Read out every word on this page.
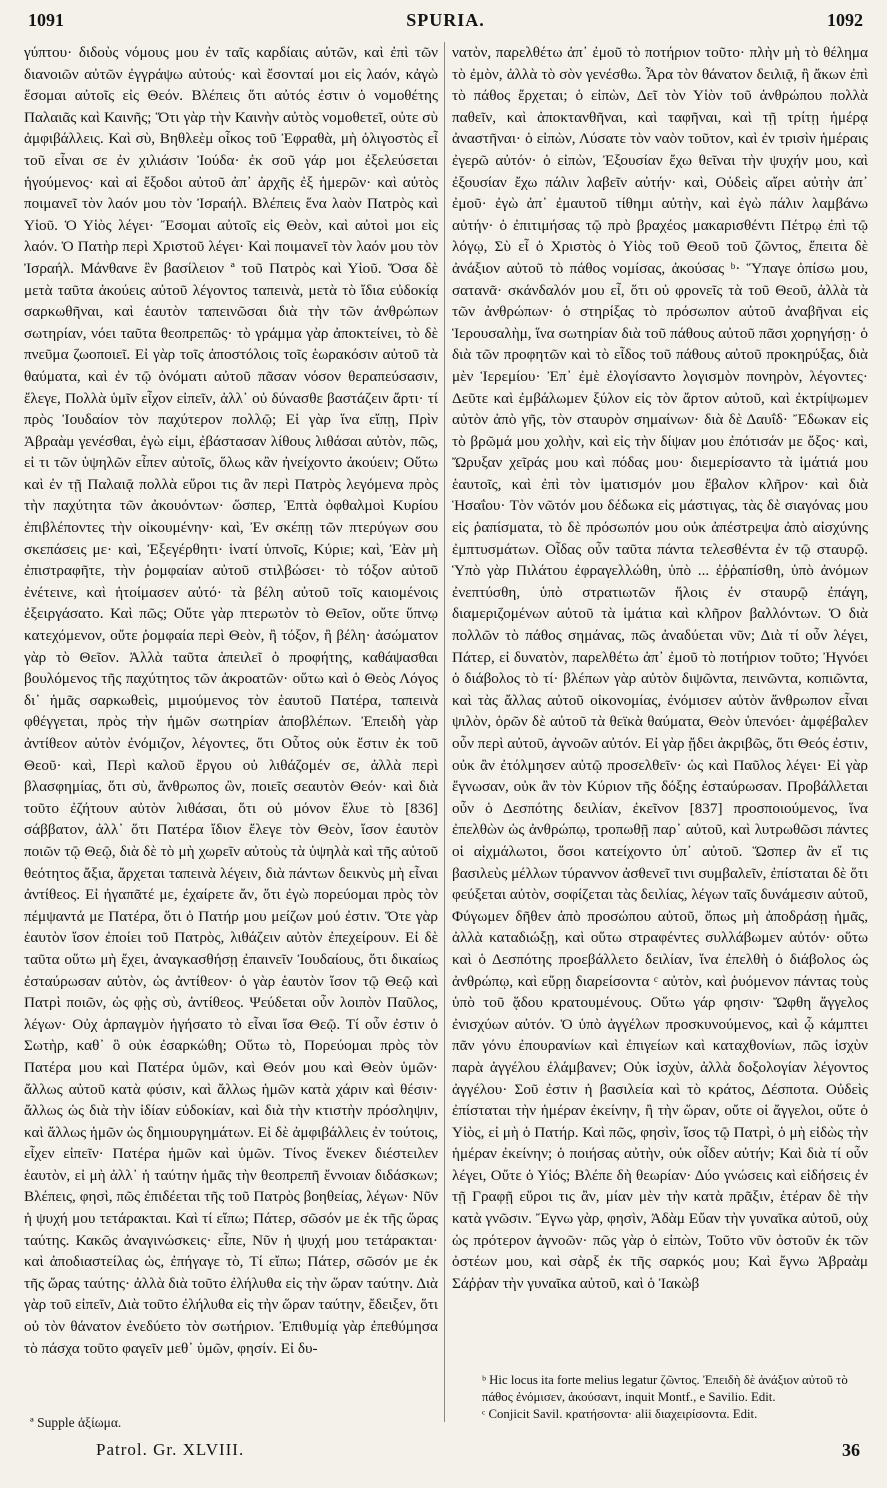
1091	SPURIA.	1092

γύπτου· διδοὺς νόμους μου ἐν ταῖς καρδίαις αὐτῶν, καὶ ἐπὶ τῶν διανοιῶν αὐτῶν ἐγγράψω αὐτούς· καὶ ἔσονταί μοι εἰς λαόν, κἀγὼ ἔσομαι αὐτοῖς εἰς Θεόν. Βλέπεις ὅτι αὐτός ἐστιν ὁ νομοθέτης Παλαιᾶς καὶ Καινῆς; Ὅτι γὰρ τὴν Καινὴν αὐτὸς νομοθετεῖ, οὐτε σὺ ἀμφιβάλλεις. Καὶ σὺ, Βηθλεὲμ οἶκος τοῦ Ἐφραθὰ, μὴ ὀλιγοστὸς εἶ τοῦ εἶναι σε ἐν χιλιάσιν Ἰούδα· ἐκ σοῦ γάρ μοι ἐξελεύσεται ἡγούμενος· καὶ αἱ ἔξοδοι αὐτοῦ ἀπ᾽ ἀρχῆς ἐξ ἡμερῶν· καὶ αὐτὸς ποιμανεῖ τὸν λαόν μου τὸν Ἰσραήλ. Βλέπεις ἕνα λαὸν Πατρὸς καὶ Υἱοῦ. Ὁ Υἱὸς λέγει· Ἔσομαι αὐτοῖς εἰς Θεὸν, καὶ αὐτοὶ μοι εἰς λαόν. Ὁ Πατὴρ περὶ Χριστοῦ λέγει· Καὶ ποιμανεῖ τὸν λαόν μου τὸν Ἰσραήλ. Μάνθανε ἓν βασίλειον ª τοῦ Πατρὸς καὶ Υἱοῦ. Ὅσα δὲ μετὰ ταῦτα ἀκούεις αὐτοῦ λέγοντος ταπεινὰ, μετὰ τὸ ἴδια εὐδοκίᾳ σαρκωθῆναι, καὶ ἑαυτὸν ταπεινῶσαι διὰ τὴν τῶν ἀνθρώπων σωτηρίαν, νόει ταῦτα θεοπρεπῶς· τὸ γράμμα γὰρ ἀποκτείνει, τὸ δὲ πνεῦμα ζωοποιεῖ. Εἰ γὰρ τοῖς ἀποστόλοις τοῖς ἑωρακόσιν αὐτοῦ τὰ θαύματα, καὶ ἐν τῷ ὀνόματι αὐτοῦ πᾶσαν νόσον θεραπεύσασιν, ἔλεγε, Πολλὰ ὑμῖν εἶχον εἰπεῖν, ἀλλ᾽ οὐ δύνασθε βαστάζειν ἄρτι· τί πρὸς Ἰουδαίον τὸν παχύτερον πολλῷ; Εἰ γὰρ ἵνα εἴπῃ, Πρὶν Ἀβραὰμ γενέσθαι, ἐγὼ εἰμι, ἐβάστασαν λίθους λιθάσαι αὐτὸν, πῶς, εἰ τι τῶν ὑψηλῶν εἶπεν αὐτοῖς, ὅλως κἂν ἠνείχοντο ἀκούειν; Οὕτω καὶ ἐν τῇ Παλαιᾷ πολλὰ εὕροι τις ἂν περὶ Πατρὸς λεγόμενα πρὸς τὴν παχύτητα τῶν ἀκουόντων· ὥσπερ, Ἑπτὰ ὀφθαλμοὶ Κυρίου ἐπιβλέποντες τὴν οἰκουμένην· καὶ, Ἐν σκέπῃ τῶν πτερύγων σου σκεπάσεις με· καὶ, Ἐξεγέρθητι· ἱνατί ὑπνοῖς, Κύριε; καὶ, Ἐὰν μὴ ἐπιστραφῆτε, τὴν ῥομφαίαν αὐτοῦ στιλβώσει· τὸ τόξον αὐτοῦ ἐνέτεινε, καὶ ἡτοίμασεν αὐτό· τὰ βέλη αὐτοῦ τοῖς καιομένοις ἐξειργάσατο. Καὶ πῶς; Οὔτε γὰρ πτερωτὸν τὸ Θεῖον, οὔτε ὕπνῳ κατεχόμενον, οὔτε ῥομφαία περὶ Θεὸν, ἢ τόξον, ἢ βέλη· ἀσώματον γὰρ τὸ Θεῖον. Ἀλλὰ ταῦτα ἀπειλεῖ ὁ προφήτης, καθάψασθαι βουλόμενος τῆς παχύτητος τῶν ἀκροατῶν· οὕτω καὶ ὁ Θεὸς Λόγος δι᾽ ἡμᾶς σαρκωθεὶς, μιμούμενος τὸν ἑαυτοῦ Πατέρα, ταπεινὰ φθέγγεται, πρὸς τὴν ἡμῶν σωτηρίαν ἀποβλέπων. Ἐπειδὴ γὰρ ἀντίθεον αὐτὸν ἐνόμιζον, λέγοντες, ὅτι Οὗτος οὐκ ἔστιν ἐκ τοῦ Θεοῦ· καὶ, Περὶ καλοῦ ἔργου οὐ λιθάζομέν σε, ἀλλὰ περὶ βλασφημίας, ὅτι σὺ, ἄνθρωπος ὢν, ποιεῖς σεαυτὸν Θεόν· καὶ διὰ τοῦτο ἐζήτουν αὐτὸν λιθάσαι, ὅτι οὐ μόνον ἔλυε τὸ [836] σάββατον, ἀλλ᾽ ὅτι Πατέρα ἴδιον ἔλεγε τὸν Θεὸν, ἴσον ἑαυτὸν ποιῶν τῷ Θεῷ, διὰ δὲ τὸ μὴ χωρεῖν αὐτοὺς τὰ ὑψηλὰ καὶ τῆς αὐτοῦ θεότητος ἄξια, ἄρχεται ταπεινὰ λέγειν, διὰ πάντων δεικνὺς μὴ εἶναι ἀντίθεος. Εἰ ἠγαπᾶτέ με, ἐχαίρετε ἄν, ὅτι ἐγὼ πορεύομαι πρὸς τὸν πέμψαντά με Πατέρα, ὅτι ὁ Πατήρ μου μείζων μού ἐστιν. Ὅτε γὰρ ἑαυτὸν ἴσον ἐποίει τοῦ Πατρὸς, λιθάζειν αὐτὸν ἐπεχείρουν. Εἰ δὲ ταῦτα οὕτω μὴ ἔχει, ἀναγκασθήσῃ ἐπαινεῖν Ἰουδαίους, ὅτι δικαίως ἐσταύρωσαν αὐτὸν, ὡς ἀντίθεον· ὁ γὰρ ἑαυτὸν ἴσον τῷ Θεῷ καὶ Πατρὶ ποιῶν, ὡς φῂς σὺ, ἀντίθεος. Ψεύδεται οὖν λοιπὸν Παῦλος, λέγων· Οὐχ ἁρπαγμὸν ἡγήσατο τὸ εἶναι ἴσα Θεῷ. Τί οὖν ἐστιν ὁ Σωτὴρ, καθ᾽ ὃ οὐκ ἐσαρκώθη; Οὕτω τὸ, Πορεύομαι πρὸς τὸν Πατέρα μου καὶ Πατέρα ὑμῶν, καὶ Θεόν μου καὶ Θεὸν ὑμῶν· ἄλλως αὐτοῦ κατὰ φύσιν, καὶ ἄλλως ἡμῶν κατὰ χάριν καὶ θέσιν· ἄλλως ὡς διὰ τὴν ἰδίαν εὐδοκίαν, καὶ διὰ τὴν κτιστὴν πρόσληψιν, καὶ ἄλλως ἡμῶν ὡς δημιουργημάτων. Εἰ δὲ ἀμφιβάλλεις ἐν τούτοις, εἶχεν εἰπεῖν· Πατέρα ἡμῶν καὶ ὑμῶν. Τίνος ἕνεκεν διέστειλεν ἑαυτὸν, εἰ μὴ ἀλλ᾽ ἡ ταύτην ἡμᾶς τὴν θεοπρεπῆ ἔννοιαν διδάσκων; Βλέπεις, φησὶ, πῶς ἐπιδέεται τῆς τοῦ Πατρὸς βοηθείας, λέγων· Νῦν ἡ ψυχή μου τετάρακται. Καὶ τί εἴπω; Πάτερ, σῶσόν με ἐκ τῆς ὥρας ταύτης. Κακῶς ἀναγινώσκεις· εἶπε, Νῦν ἡ ψυχή μου τετάρακται· καὶ ἀποδιαστείλας ὡς, ἐπήγαγε τὸ, Τί εἴπω; Πάτερ, σῶσόν με ἐκ τῆς ὥρας ταύτης· ἀλλὰ διὰ τοῦτο ἐλήλυθα εἰς τὴν ὥραν ταύτην. Διὰ γὰρ τοῦ εἰπεῖν, Διὰ τοῦτο ἐλήλυθα εἰς τὴν ὥραν ταύτην, ἔδειξεν, ὅτι οὐ τὸν θάνατον ἐνεδύετο τὸν σωτήριον. Ἐπιθυμίᾳ γὰρ ἐπεθύμησα τὸ πάσχα τοῦτο φαγεῖν μεθ᾽ ὑμῶν, φησίν. Εἰ δυ-

νατὸν, παρελθέτω ἀπ᾽ ἐμοῦ τὸ ποτήριον τοῦτο· πλὴν μὴ τὸ θέλημα τὸ ἐμὸν, ἀλλὰ τὸ σὸν γενέσθω. Ἆρα τὸν θάνατον δειλιᾷ, ἢ ἄκων ἐπὶ τὸ πάθος ἔρχεται; ὁ εἰπὼν, Δεῖ τὸν Υἱὸν τοῦ ἀνθρώπου πολλὰ παθεῖν, καὶ ἀποκτανθῆναι, καὶ ταφῆναι, καὶ τῇ τρίτῃ ἡμέρᾳ ἀναστῆναι· ὁ εἰπὼν, Λύσατε τὸν ναὸν τοῦτον, καὶ ἐν τρισὶν ἡμέραις ἐγερῶ αὐτόν· ὁ εἰπὼν, Ἐξουσίαν ἔχω θεῖναι τὴν ψυχήν μου, καὶ ἐξουσίαν ἔχω πάλιν λαβεῖν αὐτήν· καὶ, Οὐδεὶς αἴρει αὐτὴν ἀπ᾽ ἐμοῦ· ἐγὼ ἀπ᾽ ἐμαυτοῦ τίθημι αὐτὴν, καὶ ἐγὼ πάλιν λαμβάνω αὐτήν· ὁ ἐπιτιμήσας τῷ πρὸ βραχέος μακαρισθέντι Πέτρῳ ἐπὶ τῷ λόγῳ, Σὺ εἶ ὁ Χριστὸς ὁ Υἱὸς τοῦ Θεοῦ τοῦ ζῶντος, ἔπειτα δὲ ἀνάξιον αὐτοῦ τὸ πάθος νομίσας, ἀκούσας ᵇ· Ὕπαγε ὀπίσω μου, σατανᾶ· σκάνδαλόν μου εἶ, ὅτι οὐ φρονεῖς τὰ τοῦ Θεοῦ, ἀλλὰ τὰ τῶν ἀνθρώπων· ὁ στηρίξας τὸ πρόσωπον αὐτοῦ ἀναβῆναι εἰς Ἱερουσαλὴμ, ἵνα σωτηρίαν διὰ τοῦ πάθους αὐτοῦ πᾶσι χορηγήσῃ· ὁ διὰ τῶν προφητῶν καὶ τὸ εἶδος τοῦ πάθους αὐτοῦ προκηρύξας, διὰ μὲν Ἱερεμίου· Ἐπ᾽ ἐμὲ ἐλογίσαντο λογισμὸν πονηρὸν, λέγοντες· Δεῦτε καὶ ἐμβάλωμεν ξύλον εἰς τὸν ἄρτον αὐτοῦ, καὶ ἐκτρίψωμεν αὐτὸν ἀπὸ γῆς, τὸν σταυρὸν σημαίνων· διὰ δὲ Δαυΐδ· Ἔδωκαν εἰς τὸ βρῶμά μου χολὴν, καὶ εἰς τὴν δίψαν μου ἐπότισάν με ὄξος· καὶ, Ὤρυξαν χεῖράς μου καὶ πόδας μου· διεμερίσαντο τὰ ἱμάτιά μου ἑαυτοῖς, καὶ ἐπὶ τὸν ἱματισμόν μου ἔβαλον κλῆρον· καὶ διὰ Ἡσαΐου· Τὸν νῶτόν μου δέδωκα εἰς μάστιγας, τὰς δὲ σιαγόνας μου εἰς ῥαπίσματα, τὸ δὲ πρόσωπόν μου οὐκ ἀπέστρεψα ἀπὸ αἰσχύνης ἐμπτυσμάτων. Οἶδας οὖν ταῦτα πάντα τελεσθέντα ἐν τῷ σταυρῷ. Ὑπὸ γὰρ Πιλάτου ἐφραγελλώθη, ὑπὸ ... ἐῤῥαπίσθη, ὑπὸ ἀνόμων ἐνεπτύσθη, ὑπὸ στρατιωτῶν ἥλοις ἐν σταυρῷ ἐπάγη, διαμεριζομένων αὐτοῦ τὰ ἱμάτια καὶ κλῆρον βαλλόντων. Ὁ διὰ πολλῶν τὸ πάθος σημάνας, πῶς ἀναδύεται νῦν; Διὰ τί οὖν λέγει, Πάτερ, εἰ δυνατὸν, παρελθέτω ἀπ᾽ ἐμοῦ τὸ ποτήριον τοῦτο; Ἠγνόει ὁ διάβολος τὸ τί· βλέπων γὰρ αὐτὸν διψῶντα, πεινῶντα, κοπιῶντα, καὶ τὰς ἄλλας αὐτοῦ οἰκονομίας, ἐνόμισεν αὐτὸν ἄνθρωπον εἶναι ψιλὸν, ὁρῶν δὲ αὐτοῦ τὰ θεϊκὰ θαύματα, Θεὸν ὑπενόει· ἀμφέβαλεν οὖν περὶ αὐτοῦ, ἀγνοῶν αὐτόν. Εἰ γὰρ ᾔδει ἀκριβῶς, ὅτι Θεός ἐστιν, οὐκ ἂν ἐτόλμησεν αὐτῷ προσελθεῖν· ὡς καὶ Παῦλος λέγει· Εἰ γὰρ ἔγνωσαν, οὐκ ἂν τὸν Κύριον τῆς δόξης ἐσταύρωσαν. Προβάλλεται οὖν ὁ Δεσπότης δειλίαν, ἐκεῖνον [837] προσποιούμενος, ἵνα ἐπελθὼν ὡς ἀνθρώπῳ, τροπωθῇ παρ᾽ αὐτοῦ, καὶ λυτρωθῶσι πάντες οἱ αἰχμάλωτοι, ὅσοι κατείχοντο ὑπ᾽ αὐτοῦ. Ὥσπερ ἂν εἴ τις βασιλεὺς μέλλων τύραννον ἀσθενεῖ τινι συμβαλεῖν, ἐπίσταται δὲ ὅτι φεύξεται αὐτὸν, σοφίζεται τὰς δειλίας, λέγων ταῖς δυνάμεσιν αὐτοῦ, Φύγωμεν δῆθεν ἀπὸ προσώπου αὐτοῦ, ὅπως μὴ ἀποδράσῃ ἡμᾶς, ἀλλὰ καταδιώξῃ, καὶ οὕτω στραφέντες συλλάβωμεν αὐτόν· οὕτω καὶ ὁ Δεσπότης προεβάλλετο δειλίαν, ἵνα ἐπελθὴ ὁ διάβολος ὡς ἀνθρώπῳ, καὶ εὕρῃ διαρείσοντα ᶜ αὐτὸν, καὶ ῥυόμενον πάντας τοὺς ὑπὸ τοῦ ᾅδου κρατουμένους. Οὕτω γάρ φησιν· Ὤφθη ἄγγελος ἐνισχύων αὐτόν. Ὁ ὑπὸ ἀγγέλων προσκυνούμενος, καὶ ᾧ κάμπτει πᾶν γόνυ ἐπουρανίων καὶ ἐπιγείων καὶ καταχθονίων, πῶς ἰσχὺν παρὰ ἀγγέλου ἐλάμβανεν; Οὐκ ἰσχὺν, ἀλλὰ δοξολογίαν λέγοντος ἀγγέλου· Σοῦ ἐστιν ἡ βασιλεία καὶ τὸ κράτος, Δέσποτα. Οὐδεὶς ἐπίσταται τὴν ἡμέραν ἐκείνην, ἢ τὴν ὥραν, οὔτε οἱ ἄγγελοι, οὔτε ὁ Υἱὸς, εἰ μὴ ὁ Πατήρ. Καὶ πῶς, φησὶν, ἴσος τῷ Πατρὶ, ὁ μὴ εἰδὼς τὴν ἡμέραν ἐκείνην; ὁ ποιήσας αὐτὴν, οὐκ οἶδεν αὐτήν; Καὶ διὰ τί οὖν λέγει, Οὔτε ὁ Υἱός; Βλέπε δὴ θεωρίαν· Δύο γνώσεις καὶ εἰδήσεις ἐν τῇ Γραφῇ εὕροι τις ἂν, μίαν μὲν τὴν κατὰ πρᾶξιν, ἑτέραν δὲ τὴν κατὰ γνῶσιν. Ἔγνω γὰρ, φησὶν, Ἀδὰμ Εὔαν τὴν γυναῖκα αὐτοῦ, οὐχ ὡς πρότερον ἀγνοῶν· πῶς γὰρ ὁ εἰπὼν, Τοῦτο νῦν ὀστοῦν ἐκ τῶν ὀστέων μου, καὶ σὰρξ ἐκ τῆς σαρκός μου; Καὶ ἔγνω Ἀβραὰμ Σάῤῥαν τὴν γυναῖκα αὐτοῦ, καὶ ὁ Ἰακὼβ

ª Supple ἀξίωμα.
ᵇ Hic locus ita forte melius legatur ζῶντος. Ἐπειδὴ δὲ ἀνάξιον αὐτοῦ τὸ πάθος ἐνόμισεν, ἀκούσαντ, inquit Montf., e Savilio. Edit.
ᶜ Conjicit Savil. κρατήσοντα· alii διαχειρίσοντα. Edit.
Patrol. Gr. XLVIII.	36
